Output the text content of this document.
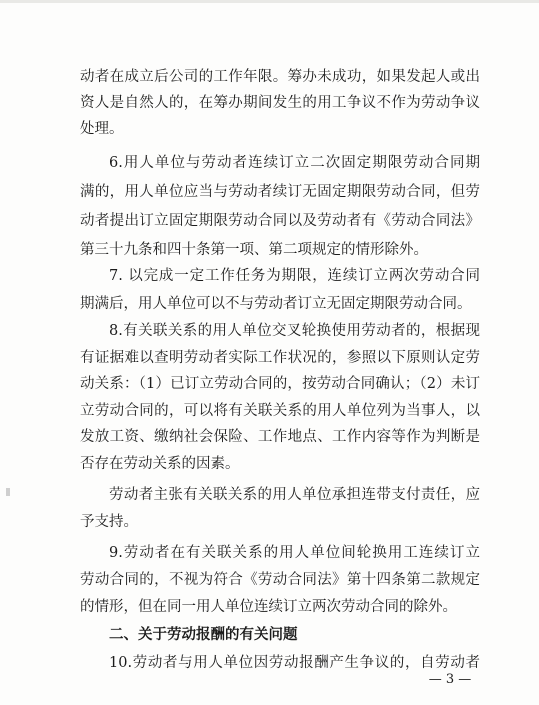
动者在成立后公司的工作年限。筹办未成功，如果发起人或出
资人是自然人的，在筹办期间发生的用工争议不作为劳动争议
处理。
6.用人单位与劳动者连续订立二次固定期限劳动合同期
满的，用人单位应当与劳动者续订无固定期限劳动合同，但劳
动者提出订立固定期限劳动合同以及劳动者有《劳动合同法》
第三十九条和四十条第一项、第二项规定的情形除外。
7. 以完成一定工作任务为期限，连续订立两次劳动合同
期满后，用人单位可以不与劳动者订立无固定期限劳动合同。
8.有关联关系的用人单位交叉轮换使用劳动者的，根据现
有证据难以查明劳动者实际工作状况的，参照以下原则认定劳
动关系：（1）已订立劳动合同的，按劳动合同确认；（2）未订
立劳动合同的，可以将有关联关系的用人单位列为当事人，以
发放工资、缴纳社会保险、工作地点、工作内容等作为判断是
否存在劳动关系的因素。
劳动者主张有关联关系的用人单位承担连带支付责任，应
予支持。
9.劳动者在有关联关系的用人单位间轮换用工连续订立
劳动合同的，不视为符合《劳动合同法》第十四条第二款规定
的情形，但在同一用人单位连续订立两次劳动合同的除外。
二、关于劳动报酬的有关问题
10.劳动者与用人单位因劳动报酬产生争议的，自劳动者
— 3 —
